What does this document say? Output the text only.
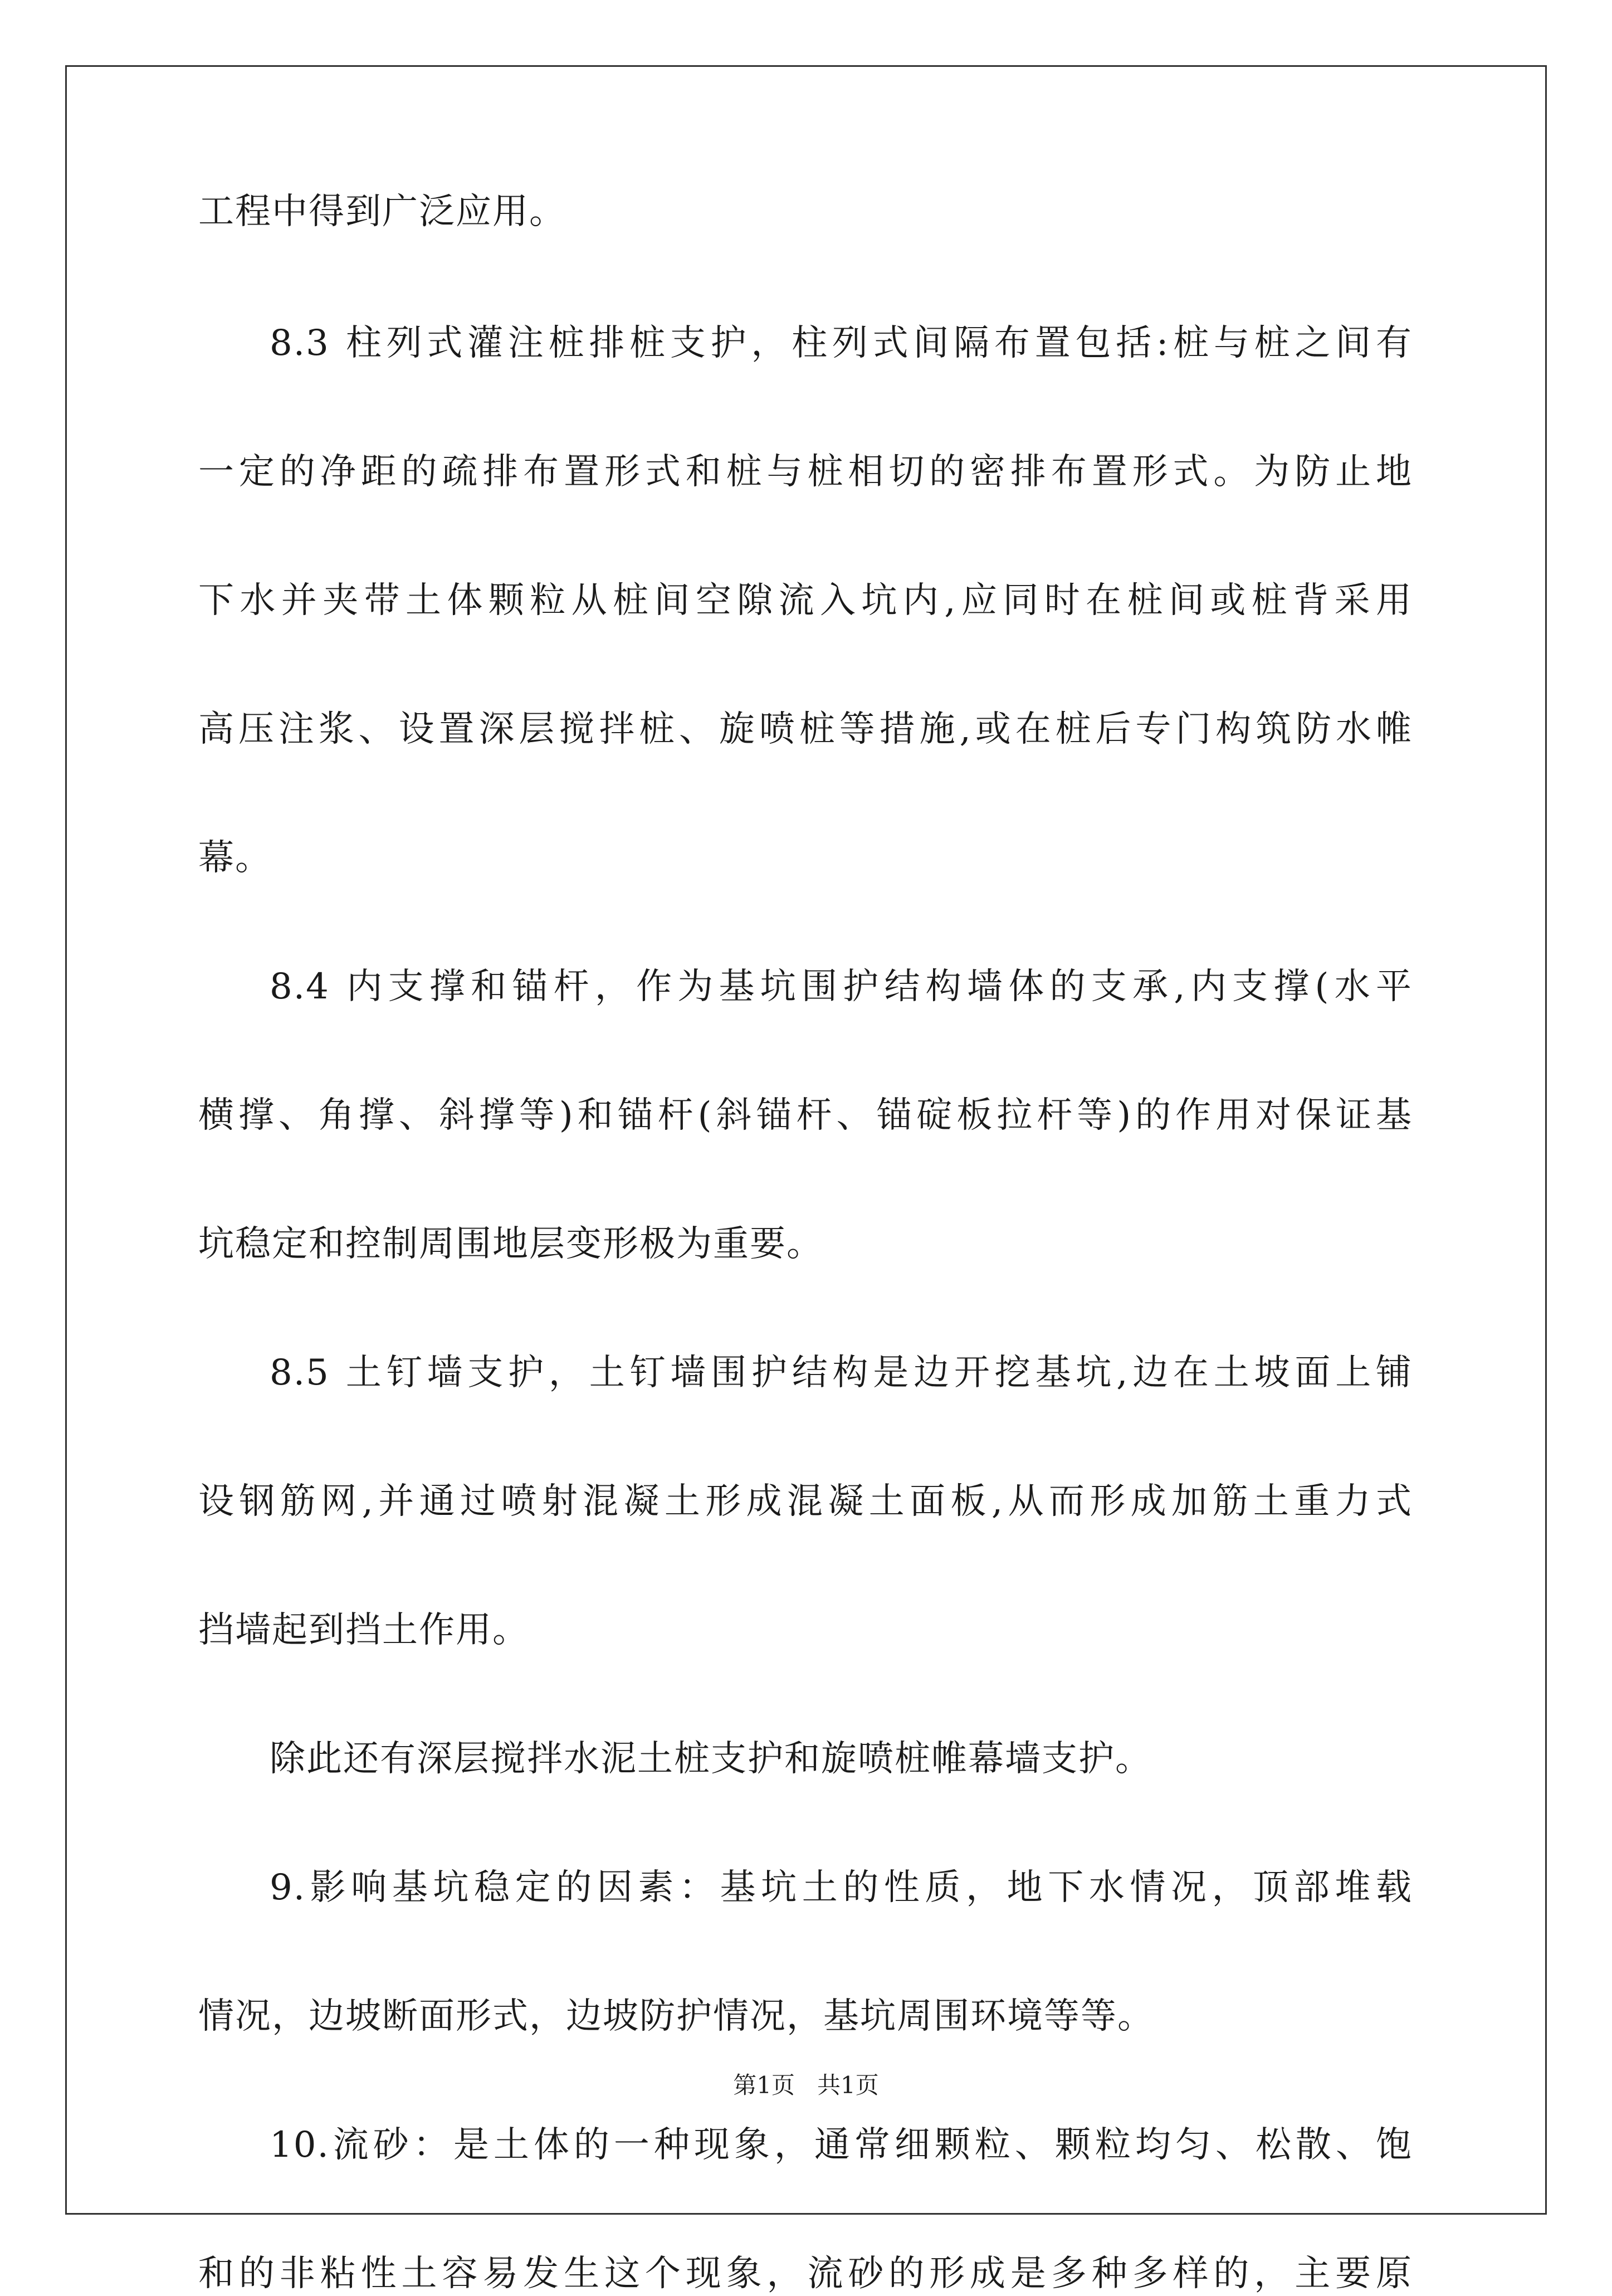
工程中得到广泛应用。
8.3 柱列式灌注桩排桩支护，柱列式间隔布置包括:桩与桩之间有
一定的净距的疏排布置形式和桩与桩相切的密排布置形式。为防止地
下水并夹带土体颗粒从桩间空隙流入坑内,应同时在桩间或桩背采用
高压注浆、设置深层搅拌桩、旋喷桩等措施,或在桩后专门构筑防水帷
幕。
8.4 内支撑和锚杆，作为基坑围护结构墙体的支承,内支撑(水平
横撑、角撑、斜撑等)和锚杆(斜锚杆、锚碇板拉杆等)的作用对保证基
坑稳定和控制周围地层变形极为重要。
8.5 土钉墙支护，土钉墙围护结构是边开挖基坑,边在土坡面上铺
设钢筋网,并通过喷射混凝土形成混凝土面板,从而形成加筋土重力式
挡墙起到挡土作用。
除此还有深层搅拌水泥土桩支护和旋喷桩帷幕墙支护。
9.影响基坑稳定的因素：基坑土的性质，地下水情况，顶部堆载
情况，边坡断面形式，边坡防护情况，基坑周围环境等等。
10.流砂：是土体的一种现象，通常细颗粒、颗粒均匀、松散、饱
和的非粘性土容易发生这个现象，流砂的形成是多种多样的，主要原
第1页   共1页
